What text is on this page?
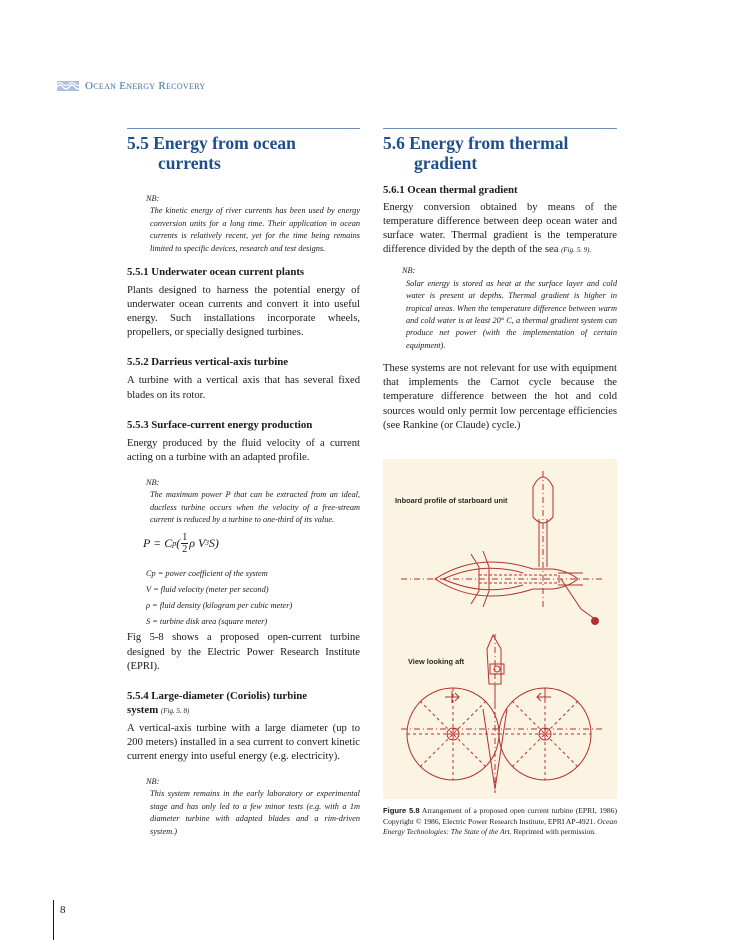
Ocean Energy Recovery
5.5 Energy from ocean
currents
NB:
The kinetic energy of river currents has been used by energy conversion units for a long time. Their application in ocean currents is relatively recent, yet for the time being remains limited to specific devices, research and test designs.
5.5.1 Underwater ocean current plants

Plants designed to harness the potential energy of underwater ocean currents and convert it into useful energy. Such installations incorporate wheels, propellers, or specially designed turbines.

5.5.2 Darrieus vertical-axis turbine

A turbine with a vertical axis that has several fixed blades on its rotor.

5.5.3 Surface-current energy production

Energy produced by the fluid velocity of a current acting on a turbine with an adapted profile.

NB:
The maximum power P that can be extracted from an ideal, ductless turbine occurs when the velocity of a free-stream current is reduced by a turbine to one-third of its value.
P = C p ( $\frac{1}{2}$ ρ V 3 S)
Cp = power coefficient of the system
V = fluid velocity (meter per second)
ρ = fluid density (kilogram per cubic meter)
S = turbine disk area (square meter)

Fig 5-8 shows a proposed open-current turbine designed by the Electric Power Research Institute (EPRI).

5.5.4 Large-diameter (Coriolis) turbine
system (Fig. 5. 8)

A vertical-axis turbine with a large diameter (up to 200 meters) installed in a sea current to convert kinetic current energy into useful energy (e.g. electricity).

NB:
This system remains in the early laboratory or experimental stage and has only led to a few minor tests (e.g. with a 1m diameter turbine with adapted blades and a rim-driven system.)
5.6 Energy from thermal
gradient
5.6.1 Ocean thermal gradient

Energy conversion obtained by means of the temperature difference between deep ocean water and surface water. Thermal gradient is the temperature difference divided by the depth of the sea (Fig. 5. 9).

NB:
Solar energy is stored as heat at the surface layer and cold water is present at depths. Thermal gradient is higher in tropical areas. When the temperature difference between warm and cold water is at least 20° C, a thermal gradient system can produce net power (with the implementation of certain equipment).

These systems are not relevant for use with equipment that implements the Carnot cycle because the temperature difference between the hot and cold sources would only permit low percentage efficiencies (see Rankine (or Claude) cycle.)

Inboard profile of starboard unit
View looking aft
Figure 5.8 Arrangement of a proposed open current turbine (EPRI, 1986) Copyright © 1986, Electric Power Research Institute, EPRI AP-4921. Ocean Energy Technologies: The State of the Art. Reprinted with permission.
8
